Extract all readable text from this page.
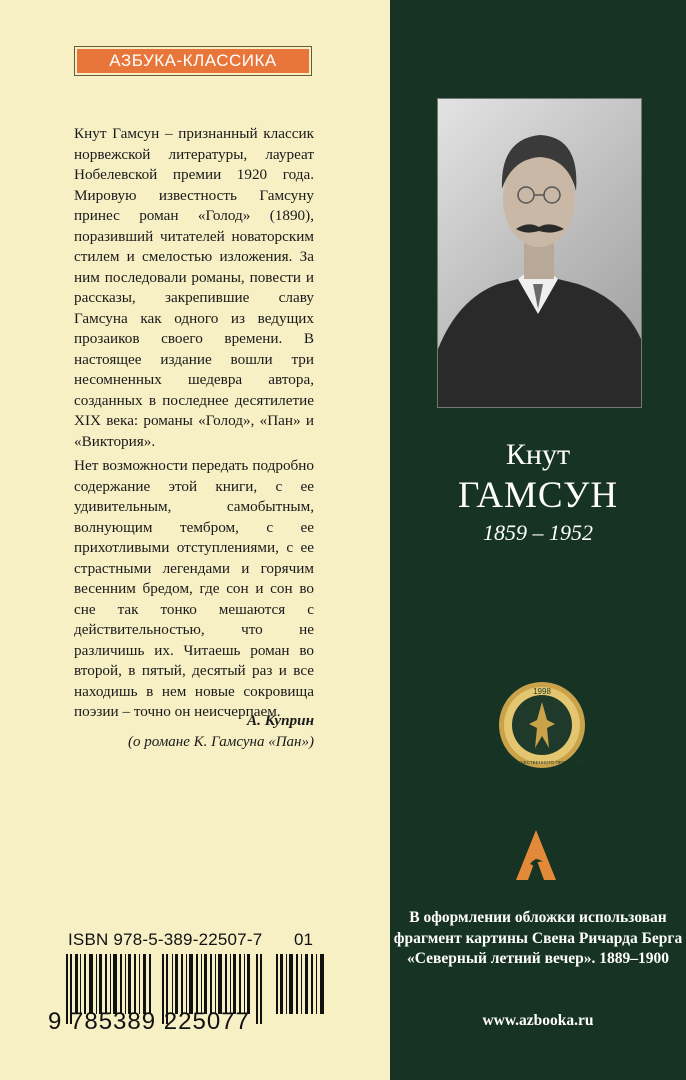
АЗБУКА-КЛАССИКА
Кнут Гамсун – признанный классик норвежской литературы, лауреат Нобелевской премии 1920 года. Мировую известность Гамсуну принес роман «Голод» (1890), поразивший читателей новаторским стилем и смелостью изложения. За ним последовали романы, повести и рассказы, закрепившие славу Гамсуна как одного из ведущих прозаиков своего времени. В настоящее издание вошли три несомненных шедевра автора, созданных в последнее десятилетие XIX века: романы «Голод», «Пан» и «Виктория».
Нет возможности передать подробно содержание этой книги, с ее удивительным, самобытным, волнующим тембром, с ее прихотливыми отступлениями, с ее страстными легендами и горячим весенним бредом, где сон и сон во сне так тонко мешаются с действительностью, что не различишь их. Читаешь роман во второй, в пятый, десятый раз и все находишь в нем новые сокровища поэзии – точно он неисчерпаем.
А. Куприн
(о романе К. Гамсуна «Пан»)
ISBN 978-5-389-22507-7 01
9 785389 225077
Кнут
ГАМСУН
1859 – 1952
1998
ЗНАК ОБЩЕСТВЕННОГО ПРИЗНАНИЯ
В оформлении обложки использован фрагмент картины Свена Ричарда Берга «Северный летний вечер». 1889–1900
www.azbooka.ru
